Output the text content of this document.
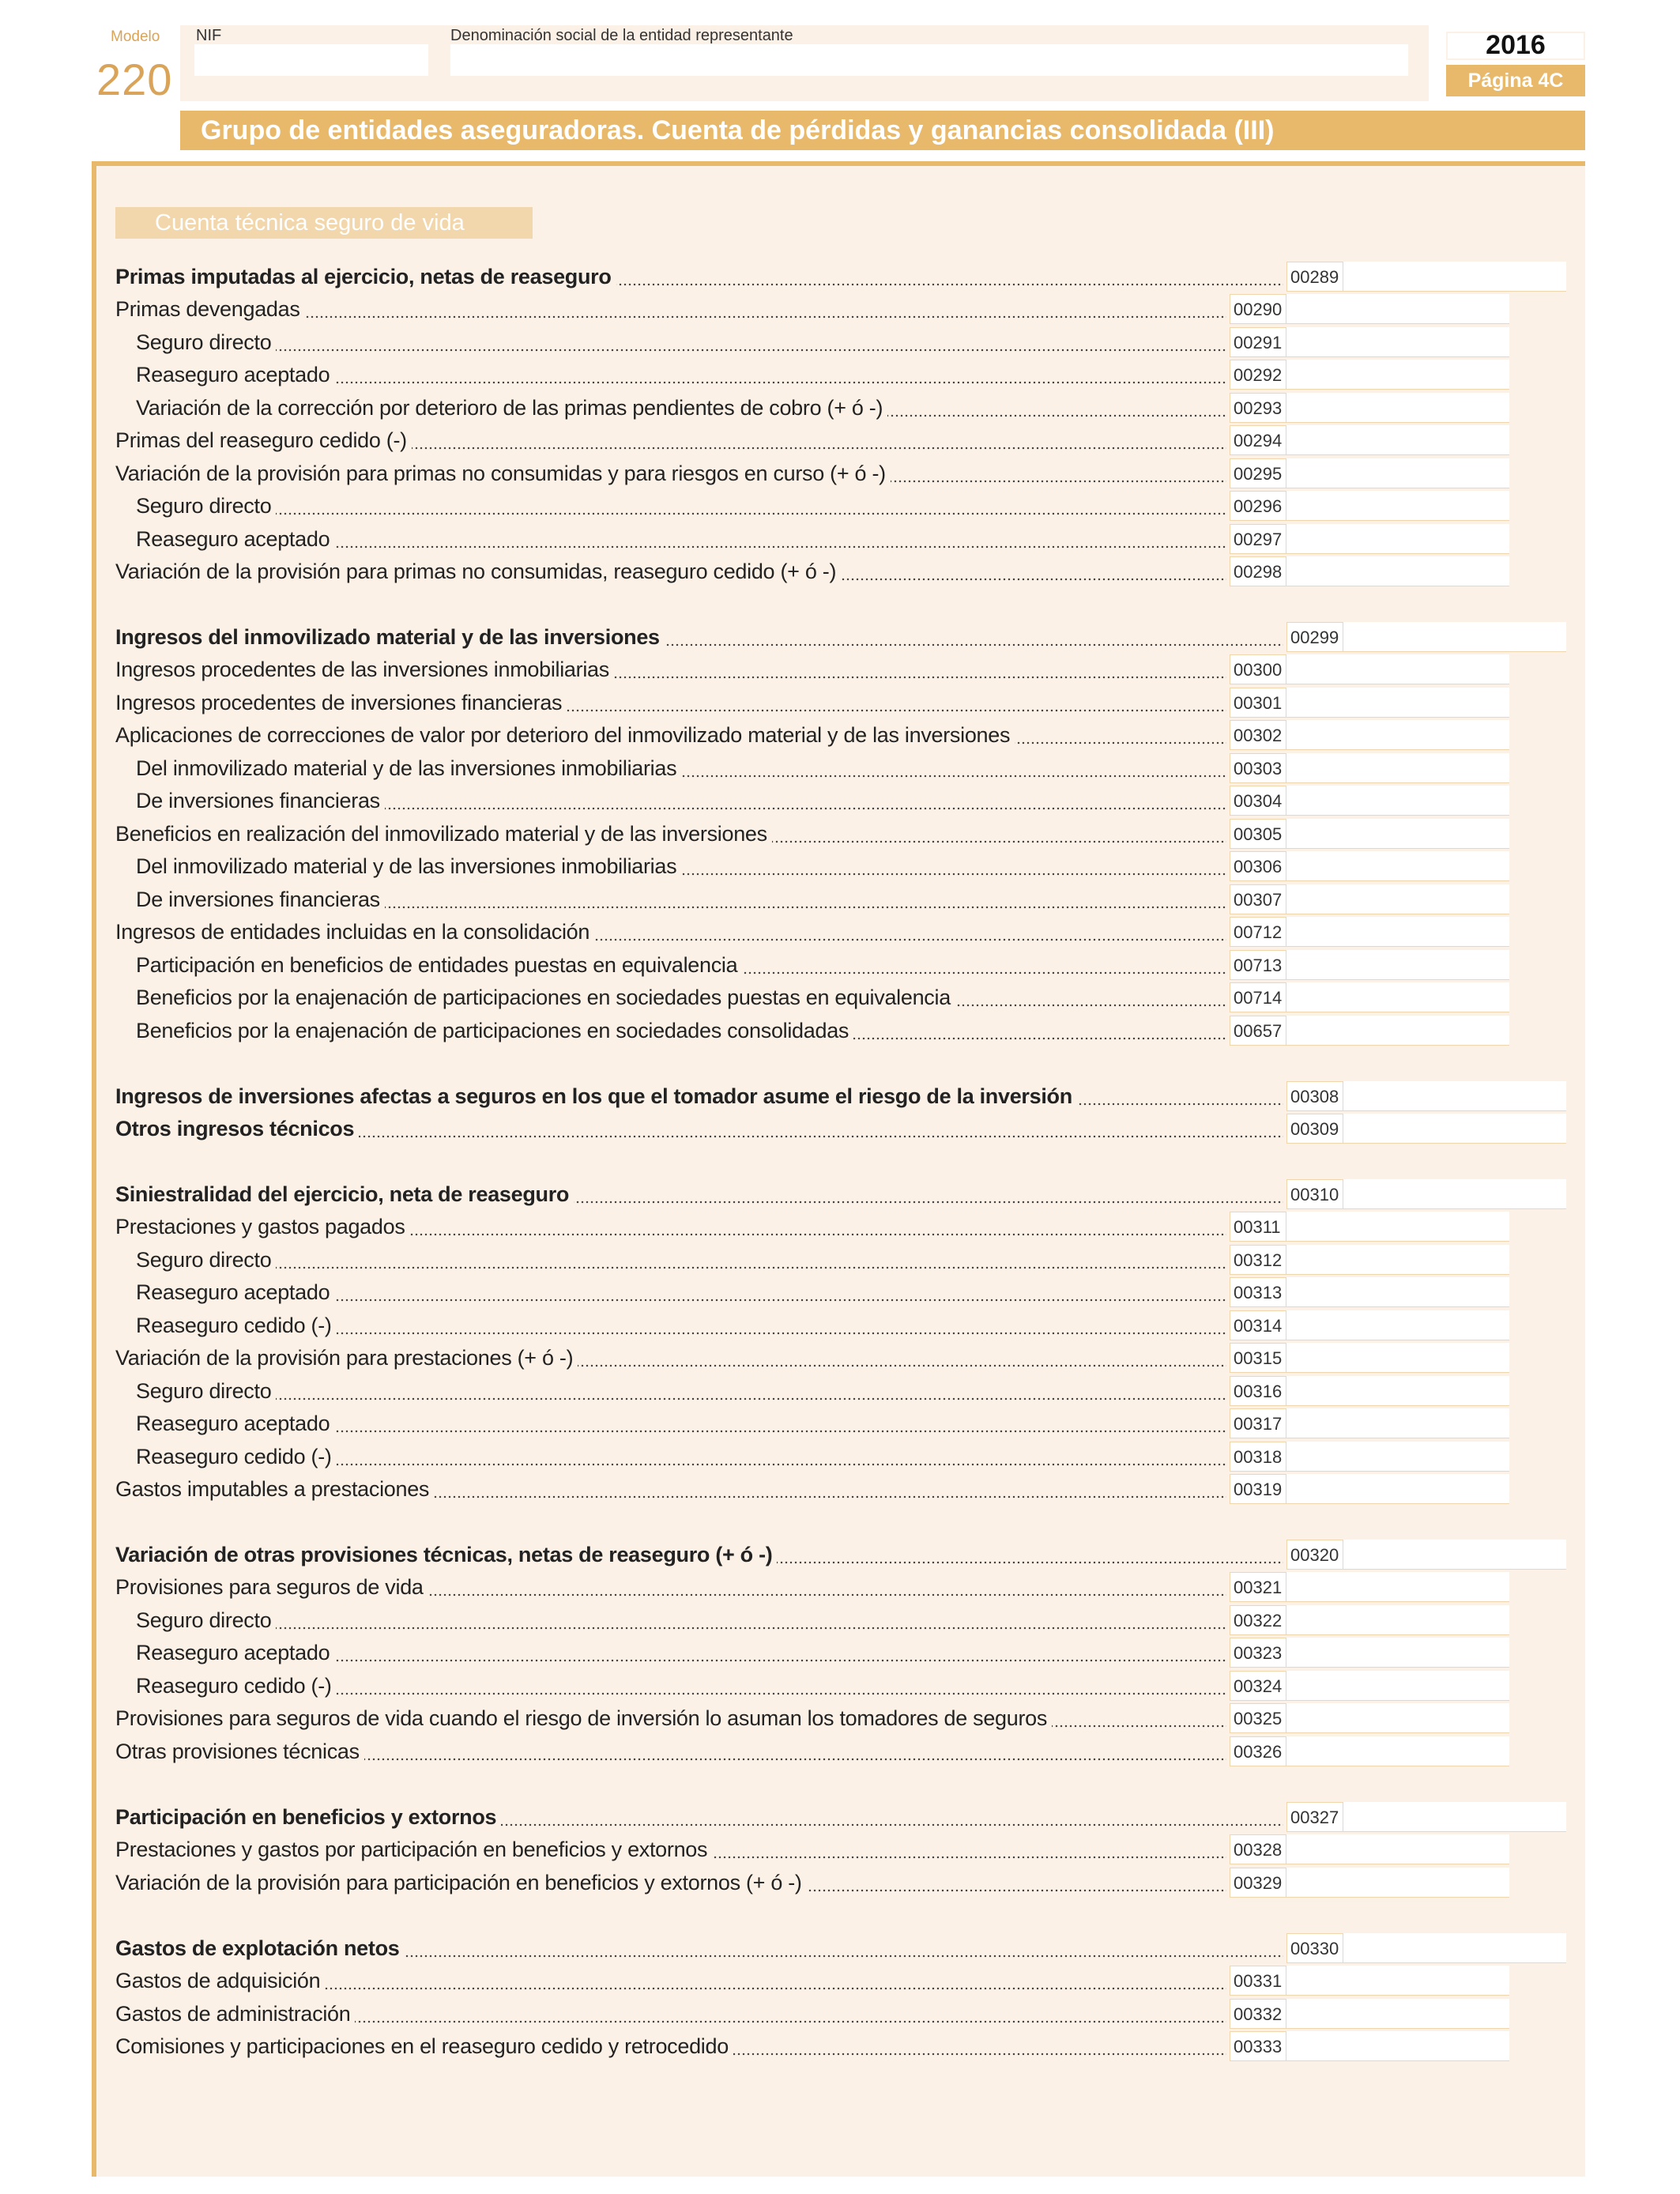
Modelo
220
NIF	Denominación social de la entidad representante	2016
Página 4C
Grupo de entidades aseguradoras. Cuenta de pérdidas y ganancias consolidada (III)
Cuenta técnica seguro de vida
Primas imputadas al ejercicio, netas de reaseguro	00289
Primas devengadas	00290
Seguro directo	00291
Reaseguro aceptado	00292
Variación de la corrección por deterioro de las primas pendientes de cobro (+ ó -)	00293
Primas del reaseguro cedido (-)	00294
Variación de la provisión para primas no consumidas y para riesgos en curso (+ ó -)	00295
Seguro directo	00296
Reaseguro aceptado	00297
Variación de la provisión para primas no consumidas, reaseguro cedido (+ ó -)	00298
Ingresos del inmovilizado material y de las inversiones	00299
Ingresos procedentes de las inversiones inmobiliarias	00300
Ingresos procedentes de inversiones financieras	00301
Aplicaciones de correcciones de valor por deterioro del inmovilizado material y de las inversiones	00302
Del inmovilizado material y de las inversiones inmobiliarias	00303
De inversiones financieras	00304
Beneficios en realización del inmovilizado material y de las inversiones	00305
Del inmovilizado material y de las inversiones inmobiliarias	00306
De inversiones financieras	00307
Ingresos de entidades incluidas en la consolidación	00712
Participación en beneficios de entidades puestas en equivalencia	00713
Beneficios por la enajenación de participaciones en sociedades puestas en equivalencia	00714
Beneficios por la enajenación de participaciones en sociedades consolidadas	00657
Ingresos de inversiones afectas a seguros en los que el tomador asume el riesgo de la inversión	00308
Otros ingresos técnicos	00309
Siniestralidad del ejercicio, neta de reaseguro	00310
Prestaciones y gastos pagados	00311
Seguro directo	00312
Reaseguro aceptado	00313
Reaseguro cedido (-)	00314
Variación de la provisión para prestaciones (+ ó -)	00315
Seguro directo	00316
Reaseguro aceptado	00317
Reaseguro cedido (-)	00318
Gastos imputables a prestaciones	00319
Variación de otras provisiones técnicas, netas de reaseguro (+ ó -)	00320
Provisiones para seguros de vida	00321
Seguro directo	00322
Reaseguro aceptado	00323
Reaseguro cedido (-)	00324
Provisiones para seguros de vida cuando el riesgo de inversión lo asuman los tomadores de seguros	00325
Otras provisiones técnicas	00326
Participación en beneficios y extornos	00327
Prestaciones y gastos por participación en beneficios y extornos	00328
Variación de la provisión para participación en beneficios y extornos (+ ó -)	00329
Gastos de explotación netos	00330
Gastos de adquisición	00331
Gastos de administración	00332
Comisiones y participaciones en el reaseguro cedido y retrocedido	00333
